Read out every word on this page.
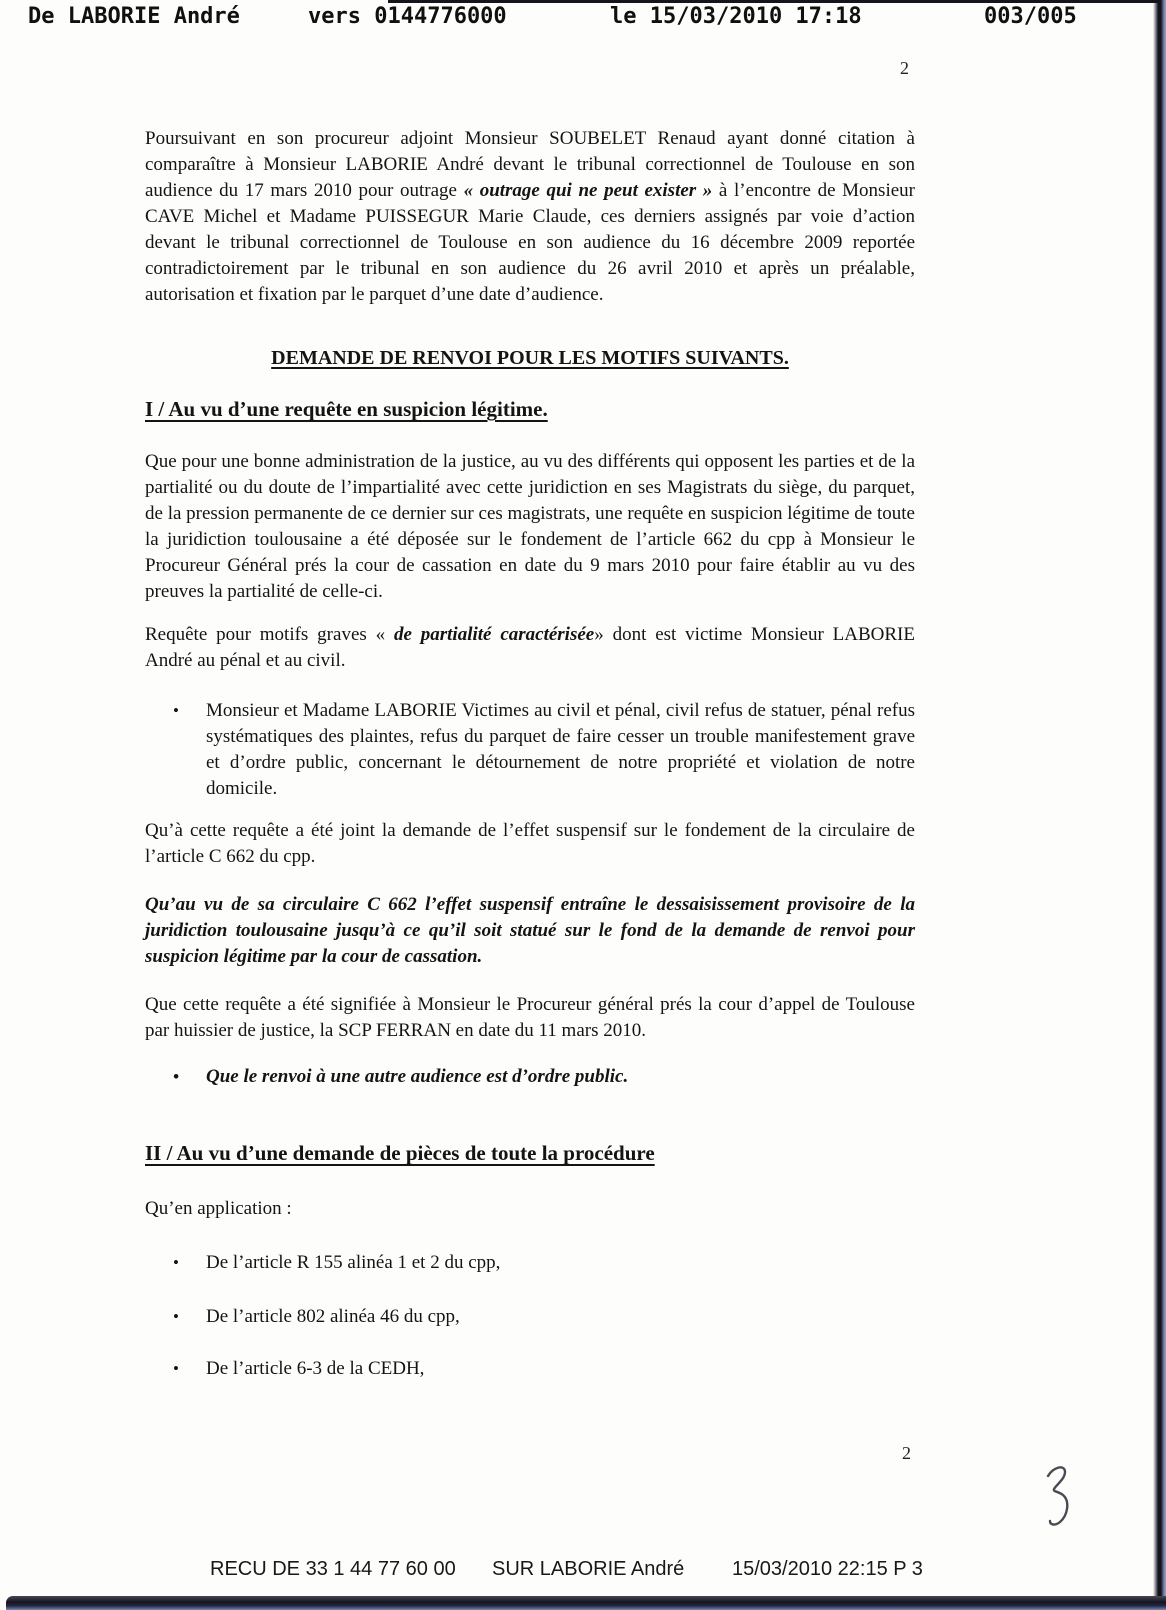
De LABORIE André	vers 0144776000	le 15/03/2010 17:18	003/005
2
2
Poursuivant en son procureur adjoint Monsieur SOUBELET Renaud ayant donné citation à comparaître à Monsieur LABORIE André devant le tribunal correctionnel de Toulouse en son audience du 17 mars 2010 pour outrage « outrage qui ne peut exister » à l’encontre de Monsieur CAVE Michel et Madame PUISSEGUR Marie Claude, ces derniers assignés par voie d’action devant le tribunal correctionnel de Toulouse en son audience du 16 décembre 2009 reportée contradictoirement par le tribunal en son audience du 26 avril 2010 et après un préalable, autorisation et fixation par le parquet d’une date d’audience.
DEMANDE DE RENVOI POUR LES MOTIFS SUIVANTS.
I / Au vu d’une requête en suspicion légitime.
Que pour une bonne administration de la justice, au vu des différents qui opposent les parties et de la partialité ou du doute de l’impartialité avec cette juridiction en ses Magistrats du siège, du parquet, de la pression permanente de ce dernier sur ces magistrats, une requête en suspicion légitime de toute la juridiction toulousaine a été déposée sur le fondement de l’article 662 du cpp à Monsieur le Procureur Général prés la cour de cassation en date du 9 mars 2010 pour faire établir au vu des preuves la partialité de celle-ci.
Requête pour motifs graves « de partialité caractérisée» dont est victime Monsieur LABORIE André au pénal et au civil.
•	Monsieur et Madame LABORIE Victimes au civil et pénal, civil refus de statuer, pénal refus systématiques des plaintes, refus du parquet de faire cesser un trouble manifestement grave et d’ordre public, concernant le détournement de notre propriété et violation de notre domicile.
Qu’à cette requête a été joint la demande de l’effet suspensif sur le fondement de la circulaire de l’article C 662 du cpp.
Qu’au vu de sa circulaire C 662 l’effet suspensif entraîne le dessaisissement provisoire de la juridiction toulousaine jusqu’à ce qu’il soit statué sur le fond de la demande de renvoi pour suspicion légitime par la cour de cassation.
Que cette requête a été signifiée à Monsieur le Procureur général prés la cour d’appel de Toulouse par huissier de justice, la SCP FERRAN en date du 11 mars 2010.
•	Que le renvoi à une autre audience est d’ordre public.
II / Au vu d’une demande de pièces de toute la procédure
Qu’en application :
•	De l’article R 155 alinéa 1 et 2 du cpp,
•	De l’article 802 alinéa 46 du cpp,
•	De l’article 6-3 de la CEDH,
RECU DE 33 1 44 77 60 00 SUR LABORIE André 15/03/2010 22:15 P 3
